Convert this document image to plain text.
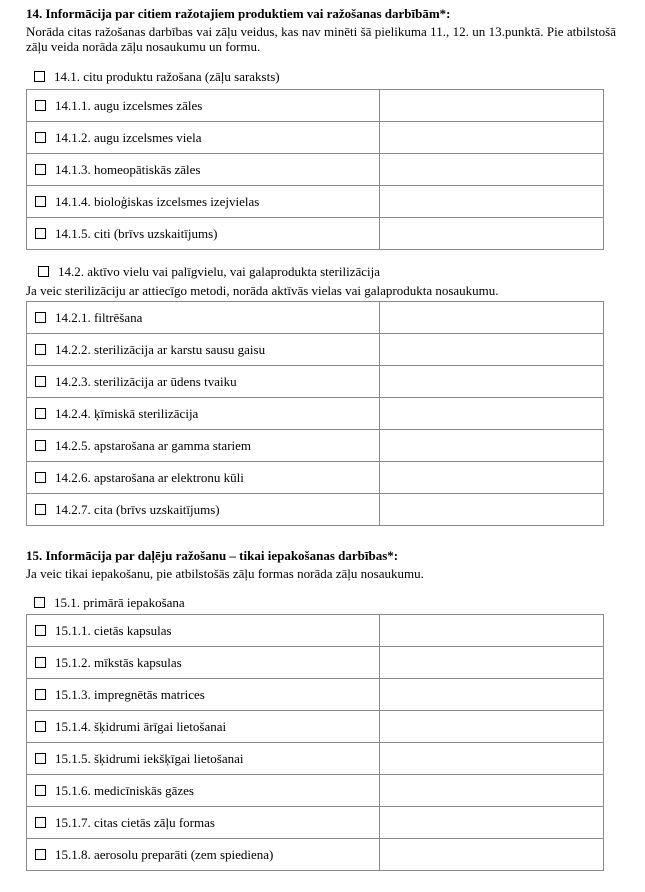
14. Informācija par citiem ražotajiem produktiem vai ražošanas darbībām*:
Norāda citas ražošanas darbības vai zāļu veidus, kas nav minēti šā pielikuma 11., 12. un 13.punktā. Pie atbilstošā zāļu veida norāda zāļu nosaukumu un formu.
14.1. citu produktu ražošana (zāļu saraksts)
14.1.1. augu izcelsmes zāles	
14.1.2. augu izcelsmes viela	
14.1.3. homeopātiskās zāles	
14.1.4. bioloģiskas izcelsmes izejvielas	
14.1.5. citi (brīvs uzskaitījums)	
14.2. aktīvo vielu vai palīgvielu, vai galaprodukta sterilizācija
Ja veic sterilizāciju ar attiecīgo metodi, norāda aktīvās vielas vai galaprodukta nosaukumu.
14.2.1. filtrēšana	
14.2.2. sterilizācija ar karstu sausu gaisu	
14.2.3. sterilizācija ar ūdens tvaiku	
14.2.4. ķīmiskā sterilizācija	
14.2.5. apstarošana ar gamma stariem	
14.2.6. apstarošana ar elektronu kūli	
14.2.7. cita (brīvs uzskaitījums)	
15. Informācija par daļēju ražošanu – tikai iepakošanas darbības*:
Ja veic tikai iepakošanu, pie atbilstošās zāļu formas norāda zāļu nosaukumu.
15.1. primārā iepakošana
15.1.1. cietās kapsulas	
15.1.2. mīkstās kapsulas	
15.1.3. impregnētās matrices	
15.1.4. šķidrumi ārīgai lietošanai	
15.1.5. šķidrumi iekšķīgai lietošanai	
15.1.6. medicīniskās gāzes	
15.1.7. citas cietās zāļu formas	
15.1.8. aerosolu preparāti (zem spiediena)	
